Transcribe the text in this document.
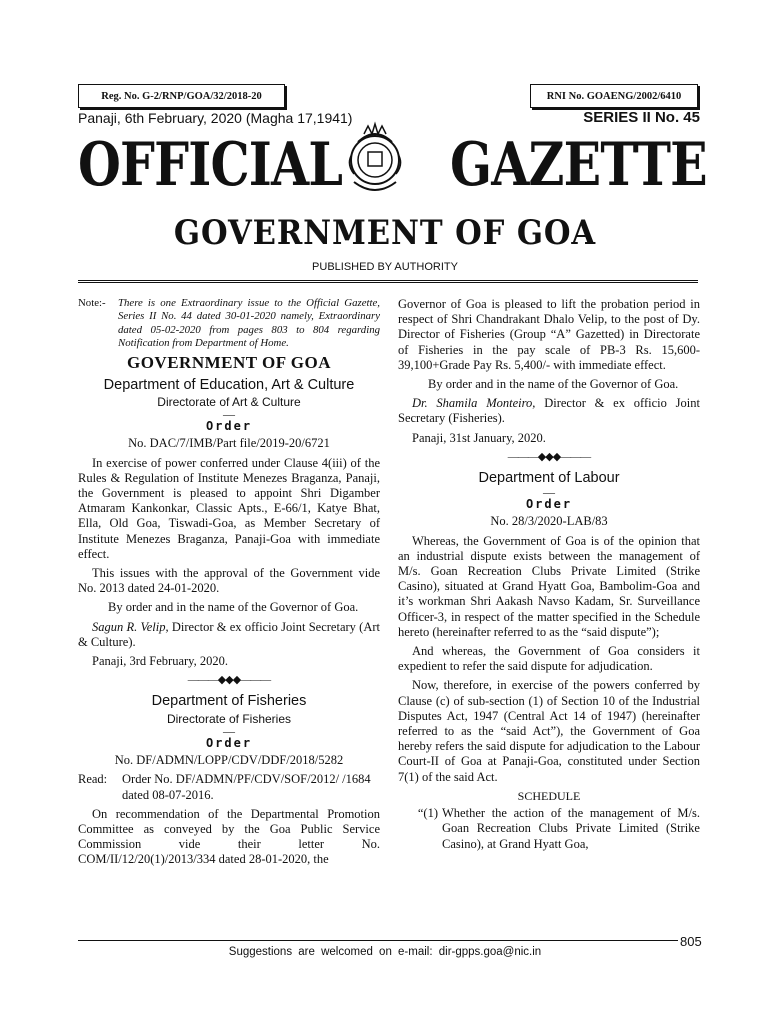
Reg. No. G-2/RNP/GOA/32/2018-20	RNI No. GOAENG/2002/6410
Panaji, 6th February, 2020 (Magha 17,1941)	SERIES II No. 45
OFFICIAL GAZETTE
GOVERNMENT OF GOA
PUBLISHED BY AUTHORITY
Note:-	There is one Extraordinary issue to the Official Gazette, Series II No. 44 dated 30-01-2020 namely, Extraordinary dated 05-02-2020 from pages 803 to 804 regarding Notification from Department of Home.
GOVERNMENT OF GOA
Department of Education, Art & Culture
Directorate of Art & Culture
—
Order
No. DAC/7/IMB/Part file/2019-20/6721

In exercise of power conferred under Clause 4(iii) of the Rules & Regulation of Institute Menezes Braganza, Panaji, the Government is pleased to appoint Shri Digamber Atmaram Kankonkar, Classic Apts., E-66/1, Katye Bhat, Ella, Old Goa, Tiswadi-Goa, as Member Secretary of Institute Menezes Braganza, Panaji-Goa with immediate effect.

This issues with the approval of the Government vide No. 2013 dated 24-01-2020.

By order and in the name of the Governor of Goa.

Sagun R. Velip, Director & ex officio Joint Secretary (Art & Culture).

Panaji, 3rd February, 2020.

———◆◆◆———
Department of Fisheries
Directorate of Fisheries
—
Order
No. DF/ADMN/LOPP/CDV/DDF/2018/5282
Read:	Order No. DF/ADMN/PF/CDV/SOF/2012/ /1684 dated 08-07-2016.

On recommendation of the Departmental Promotion Committee as conveyed by the Goa Public Service Commission vide their letter No. COM/II/12/20(1)/2013/334 dated 28-01-2020, the

Governor of Goa is pleased to lift the probation period in respect of Shri Chandrakant Dhalo Velip, to the post of Dy. Director of Fisheries (Group “A” Gazetted) in Directorate of Fisheries in the pay scale of PB-3 Rs. 15,600-39,100+Grade Pay Rs. 5,400/- with immediate effect.

By order and in the name of the Governor of Goa.

Dr. Shamila Monteiro, Director & ex officio Joint Secretary (Fisheries).

Panaji, 31st January, 2020.

———◆◆◆———
Department of Labour
—
Order
No. 28/3/2020-LAB/83

Whereas, the Government of Goa is of the opinion that an industrial dispute exists between the management of M/s. Goan Recreation Clubs Private Limited (Strike Casino), situated at Grand Hyatt Goa, Bambolim-Goa and it’s workman Shri Aakash Navso Kadam, Sr. Surveillance Officer-3, in respect of the matter specified in the Schedule hereto (hereinafter referred to as the “said dispute”);

And whereas, the Government of Goa considers it expedient to refer the said dispute for adjudication.

Now, therefore, in exercise of the powers conferred by Clause (c) of sub-section (1) of Section 10 of the Industrial Disputes Act, 1947 (Central Act 14 of 1947) (hereinafter referred to as the “said Act”), the Government of Goa hereby refers the said dispute for adjudication to the Labour Court-II of Goa at Panaji-Goa, constituted under Section 7(1) of the said Act.

SCHEDULE
“(1) Whether the action of the management of M/s. Goan Recreation Clubs Private Limited (Strike Casino), at Grand Hyatt Goa,
805
Suggestions are welcomed on e-mail: dir-gpps.goa@nic.in
